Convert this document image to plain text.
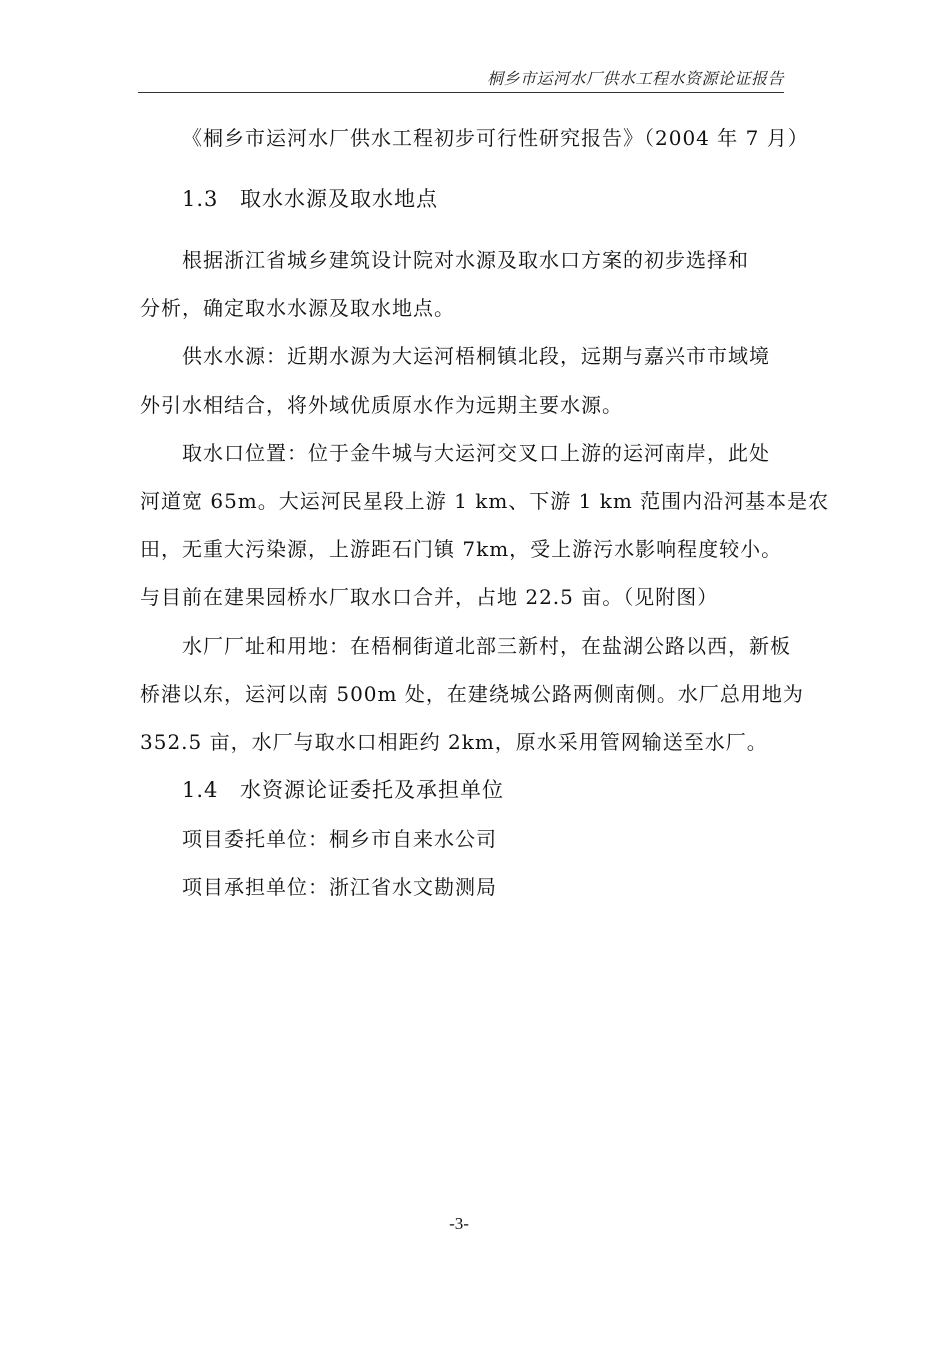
桐乡市运河水厂供水工程水资源论证报告
《桐乡市运河水厂供水工程初步可行性研究报告》（2004 年 7 月）
1.3 取水水源及取水地点
根据浙江省城乡建筑设计院对水源及取水口方案的初步选择和
分析，确定取水水源及取水地点。
供水水源：近期水源为大运河梧桐镇北段，远期与嘉兴市市域境
外引水相结合，将外域优质原水作为远期主要水源。
取水口位置：位于金牛城与大运河交叉口上游的运河南岸，此处
河道宽 65m。大运河民星段上游 1 km、下游 1 km 范围内沿河基本是农
田，无重大污染源，上游距石门镇 7km，受上游污水影响程度较小。
与目前在建果园桥水厂取水口合并，占地 22.5 亩。（见附图）
水厂厂址和用地：在梧桐街道北部三新村，在盐湖公路以西，新板
桥港以东，运河以南 500m 处，在建绕城公路两侧南侧。水厂总用地为
352.5 亩，水厂与取水口相距约 2km，原水采用管网输送至水厂。
1.4 水资源论证委托及承担单位
项目委托单位：桐乡市自来水公司
项目承担单位：浙江省水文勘测局
-3-
